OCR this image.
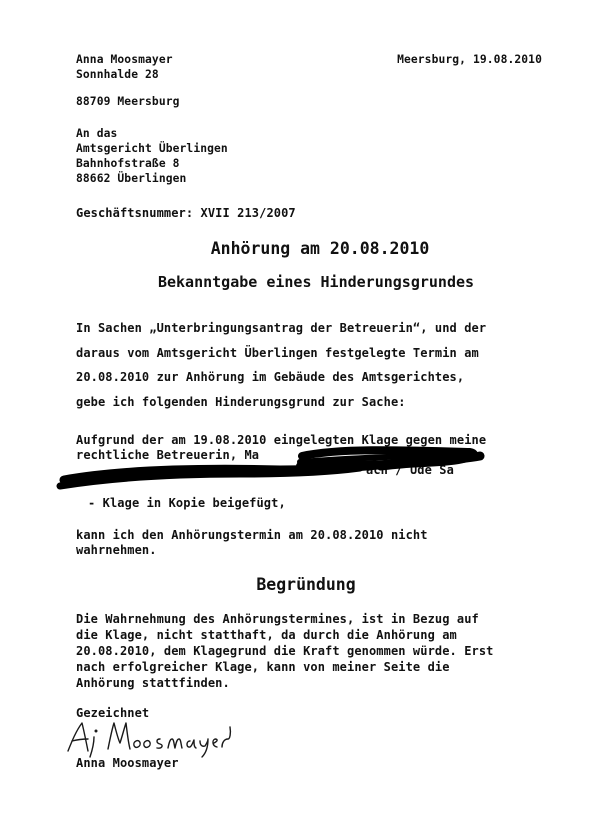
Anna Moosmayer
Sonnhalde 28
88709 Meersburg
Meersburg, 19.08.2010
An das
Amtsgericht Überlingen
Bahnhofstraße 8
88662 Überlingen
Geschäftsnummer: XVII 213/2007
Anhörung am 20.08.2010
Bekanntgabe eines Hinderungsgrundes
In Sachen „Unterbringungsantrag der Betreuerin“, und der
daraus vom Amtsgericht Überlingen festgelegte Termin am
20.08.2010 zur Anhörung im Gebäude des Amtsgerichtes,
gebe ich folgenden Hinderungsgrund zur Sache:
Aufgrund der am 19.08.2010 eingelegten Klage gegen meine
rechtliche Betreuerin, Ma
ach / Ude Sa
- Klage in Kopie beigefügt,
kann ich den Anhörungstermin am 20.08.2010 nicht
wahrnehmen.
Begründung
Die Wahrnehmung des Anhörungstermines, ist in Bezug auf
die Klage, nicht statthaft, da durch die Anhörung am
20.08.2010, dem Klagegrund die Kraft genommen würde. Erst
nach erfolgreicher Klage, kann von meiner Seite die
Anhörung stattfinden.
Gezeichnet
Anna Moosmayer
